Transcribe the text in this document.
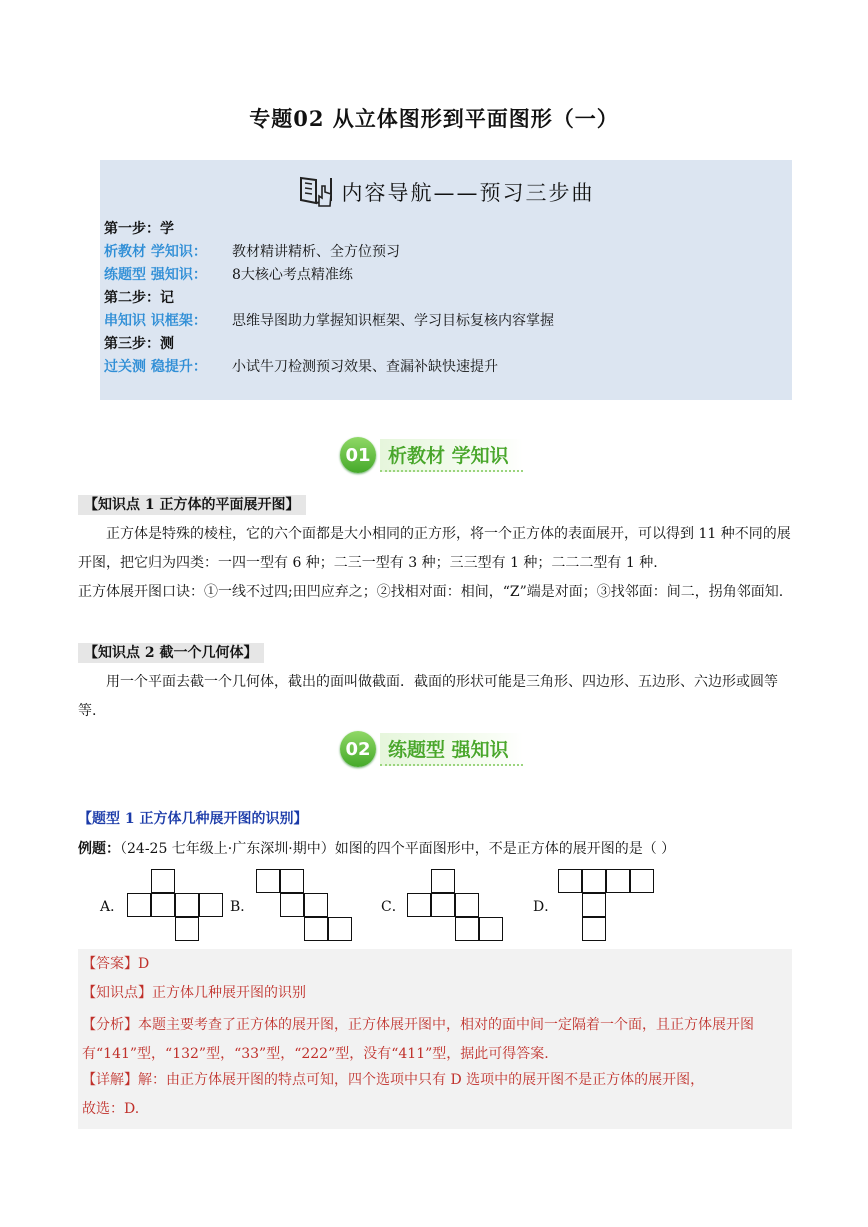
专题02 从立体图形到平面图形（一）
内容导航——预习三步曲
第一步：学
析教材 学知识： 教材精讲精析、全方位预习
练题型 强知识： 8大核心考点精准练
第二步：记
串知识 识框架： 思维导图助力掌握知识框架、学习目标复核内容掌握
第三步：测
过关测 稳提升： 小试牛刀检测预习效果、查漏补缺快速提升
01 析教材 学知识
【知识点 1 正方体的平面展开图】
正方体是特殊的棱柱，它的六个面都是大小相同的正方形，将一个正方体的表面展开，可以得到 11 种不同的展开图，把它归为四类：一四一型有 6 种；二三一型有 3 种；三三型有 1 种；二二二型有 1 种.
正方体展开图口诀：①一线不过四;田凹应弃之；②找相对面：相间，“Z”端是对面；③找邻面：间二，拐角邻面知.
【知识点 2 截一个几何体】
用一个平面去截一个几何体，截出的面叫做截面．截面的形状可能是三角形、四边形、五边形、六边形或圆等等.
02 练题型 强知识
【题型 1 正方体几种展开图的识别】
例题：（24-25 七年级上·广东深圳·期中）如图的四个平面图形中，不是正方体的展开图的是（ ）
A．	B．	C．	D．
【答案】D
【知识点】正方体几种展开图的识别
【分析】本题主要考查了正方体的展开图，正方体展开图中，相对的面中间一定隔着一个面，且正方体展开图有“141”型，“132”型，“33”型，“222”型，没有“411”型，据此可得答案.
【详解】解：由正方体展开图的特点可知，四个选项中只有 D 选项中的展开图不是正方体的展开图，
故选：D.
